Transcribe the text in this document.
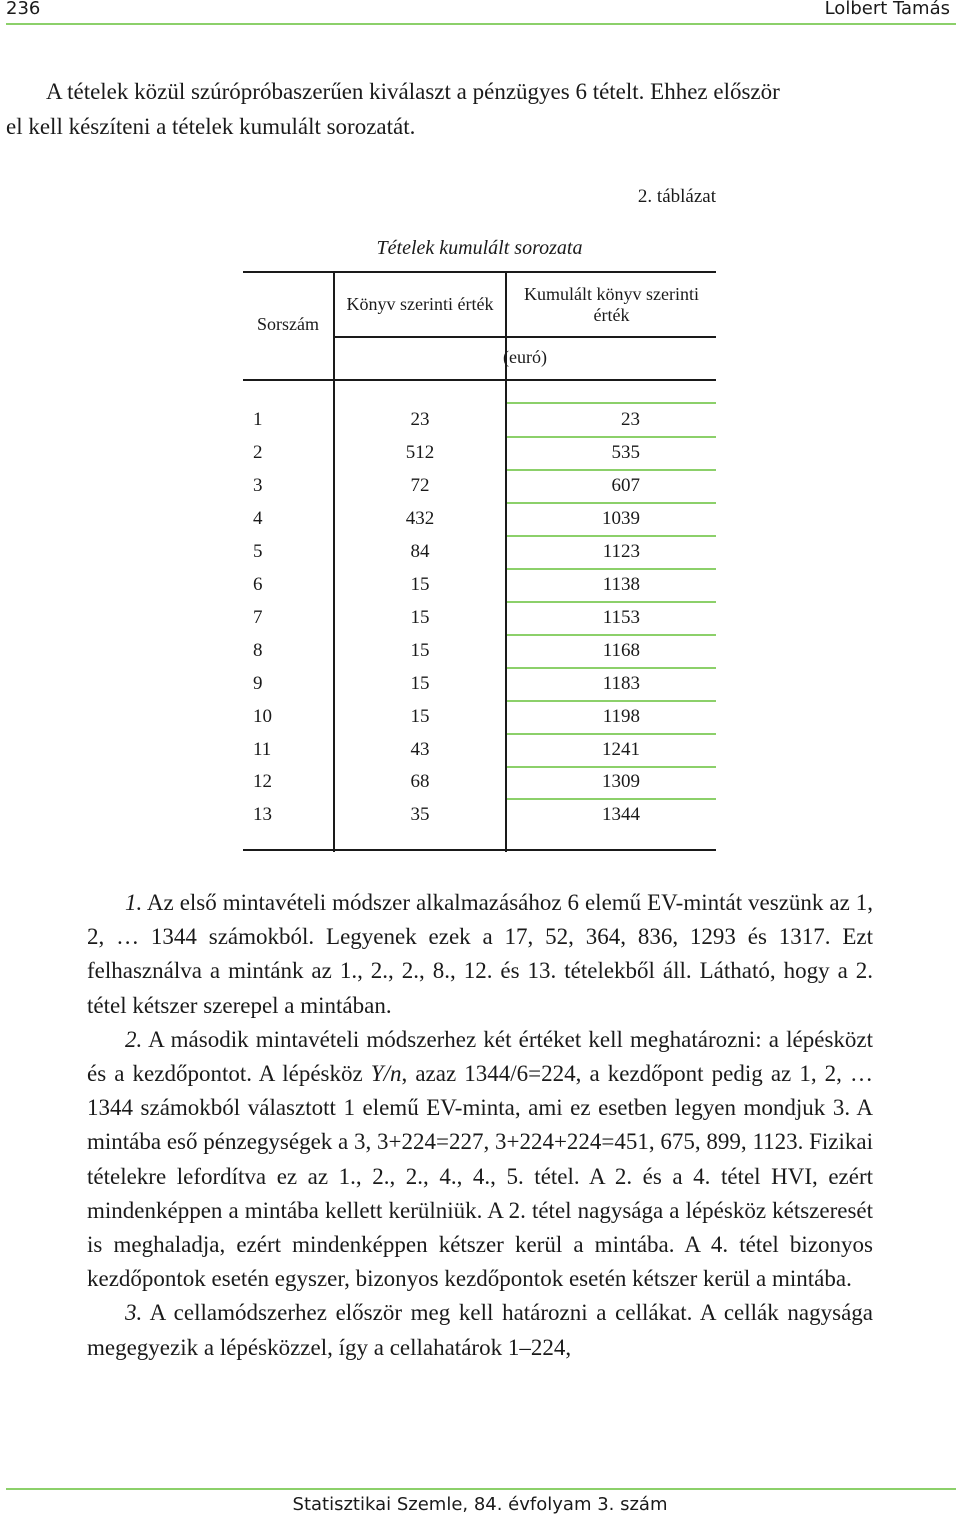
236	Lolbert Tamás
A tételek közül szúrópróbaszerűen kiválaszt a pénzügyes 6 tételt. Ehhez először
el kell készíteni a tételek kumulált sorozatát.
2. táblázat
Tételek kumulált sorozata
Sorszám
Könyv szerinti érték	Kumulált könyv szerinti
érték
(euró)
1	23	23
2	512	535
3	72	607
4	432	1039
5	84	1123
6	15	1138
7	15	1153
8	15	1168
9	15	1183
10	15	1198
11	43	1241
12	68	1309
13	35	1344

1. Az első mintavételi módszer alkalmazásához 6 elemű EV-mintát veszünk az 1, 2, … 1344 számokból. Legyenek ezek a 17, 52, 364, 836, 1293 és 1317. Ezt felhasználva a mintánk az 1., 2., 2., 8., 12. és 13. tételekből áll. Látható, hogy a 2. tétel kétszer szerepel a mintában.

2. A második mintavételi módszerhez két értéket kell meghatározni: a lépésközt és a kezdőpontot. A lépésköz Y/n, azaz 1344/6=224, a kezdőpont pedig az 1, 2, … 1344 számokból választott 1 elemű EV-minta, ami ez esetben legyen mondjuk 3. A mintába eső pénzegységek a 3, 3+224=227, 3+224+224=451, 675, 899, 1123. Fizikai tételekre lefordítva ez az 1., 2., 2., 4., 4., 5. tétel. A 2. és a 4. tétel HVI, ezért mindenképpen a mintába kellett kerülniük. A 2. tétel nagysága a lépésköz kétszeresét is meghaladja, ezért mindenképpen kétszer kerül a mintába. A 4. tétel bizonyos kezdőpontok esetén egyszer, bizonyos kezdőpontok esetén kétszer kerül a mintába.

3. A cellamódszerhez először meg kell határozni a cellákat. A cellák nagysága megegyezik a lépésközzel, így a cellahatárok 1–224,

Statisztikai Szemle, 84. évfolyam 3. szám
